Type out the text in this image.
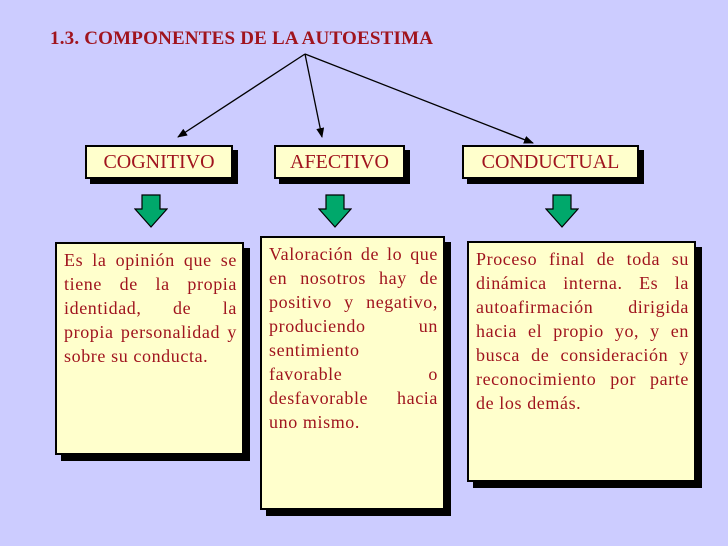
1.3. COMPONENTES DE LA AUTOESTIMA
COGNITIVO
Es la opinión que se tiene de la propia identidad, de la propia personalidad y sobre su conducta.
AFECTIVO
Valoración de lo que en nosotros hay de positivo y negativo, produciendo un sentimiento favorable o desfavorable hacia uno mismo.
CONDUCTUAL
Proceso final de toda su dinámica interna. Es la autoafirmación dirigida hacia el propio yo, y en busca de consideración y reconocimiento por parte de los demás.
